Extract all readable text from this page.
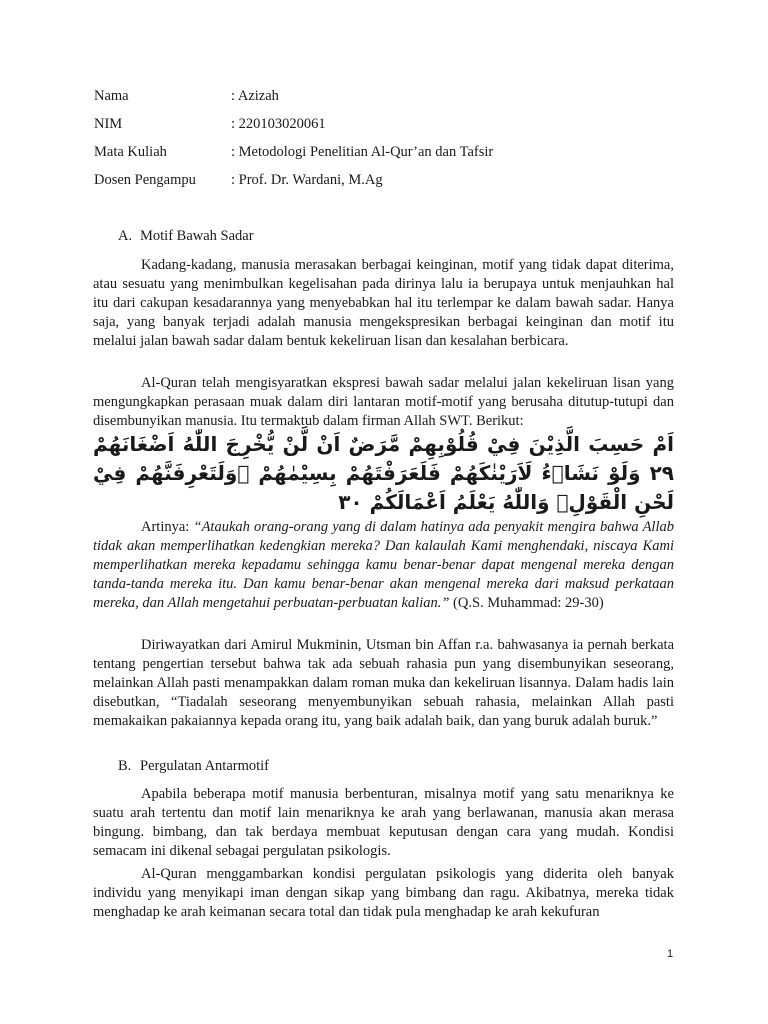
Nama	: Azizah
NIM	: 220103020061
Mata Kuliah	: Metodologi Penelitian Al-Qur’an dan Tafsir
Dosen Pengampu	: Prof. Dr. Wardani, M.Ag
A. Motif Bawah Sadar

Kadang-kadang, manusia merasakan berbagai keinginan, motif yang tidak dapat diterima, atau sesuatu yang menimbulkan kegelisahan pada dirinya lalu ia berupaya untuk menjauhkan hal itu dari cakupan kesadarannya yang menyebabkan hal itu terlempar ke dalam bawah sadar. Hanya saja, yang banyak terjadi adalah manusia mengekspresikan berbagai keinginan dan motif itu melalui jalan bawah sadar dalam bentuk kekeliruan lisan dan kesalahan berbicara.

Al-Quran telah mengisyaratkan ekspresi bawah sadar melalui jalan kekeliruan lisan yang mengungkapkan perasaan muak dalam diri lantaran motif-motif yang berusaha ditutup-tutupi dan disembunyikan manusia. Itu termaktub dalam firman Allah SWT. Berikut:

اَمْ حَسِبَ الَّذِيْنَ فِيْ قُلُوْبِهِمْ مَّرَضٌ اَنْ لَّنْ يُّخْرِجَ اللّٰهُ اَضْغَانَهُمْ ٢٩ وَلَوْ نَشَاۤءُ لَاَرَيْنٰكَهُمْ فَلَعَرَفْتَهُمْ بِسِيْمٰهُمْ ۗوَلَتَعْرِفَنَّهُمْ فِيْ لَحْنِ الْقَوْلِۗ وَاللّٰهُ يَعْلَمُ اَعْمَالَكُمْ ٣٠

Artinya: “Ataukah orang-orang yang di dalam hatinya ada penyakit mengira bahwa Allab tidak akan memperlihatkan kedengkian mereka? Dan kalaulah Kami menghendaki, niscaya Kami memperlihatkan mereka kepadamu sehingga kamu benar-benar dapat mengenal mereka dengan tanda-tanda mereka itu. Dan kamu benar-benar akan mengenal mereka dari maksud perkataan mereka, dan Allah mengetahui perbuatan-perbuatan kalian.” (Q.S. Muhammad: 29-30)

Diriwayatkan dari Amirul Mukminin, Utsman bin Affan r.a. bahwasanya ia pernah berkata tentang pengertian tersebut bahwa tak ada sebuah rahasia pun yang disembunyikan seseorang, melainkan Allah pasti menampakkan dalam roman muka dan kekeliruan lisannya. Dalam hadis lain disebutkan, “Tiadalah seseorang menyembunyikan sebuah rahasia, melainkan Allah pasti memakaikan pakaiannya kepada orang itu, yang baik adalah baik, dan yang buruk adalah buruk.”

B. Pergulatan Antarmotif

Apabila beberapa motif manusia berbenturan, misalnya motif yang satu menariknya ke suatu arah tertentu dan motif lain menariknya ke arah yang berlawanan, manusia akan merasa bingung. bimbang, dan tak berdaya membuat keputusan dengan cara yang mudah. Kondisi semacam ini dikenal sebagai pergulatan psikologis.

Al-Quran menggambarkan kondisi pergulatan psikologis yang diderita oleh banyak individu yang menyikapi iman dengan sikap yang bimbang dan ragu. Akibatnya, mereka tidak menghadap ke arah keimanan secara total dan tidak pula menghadap ke arah kekufuran

1
